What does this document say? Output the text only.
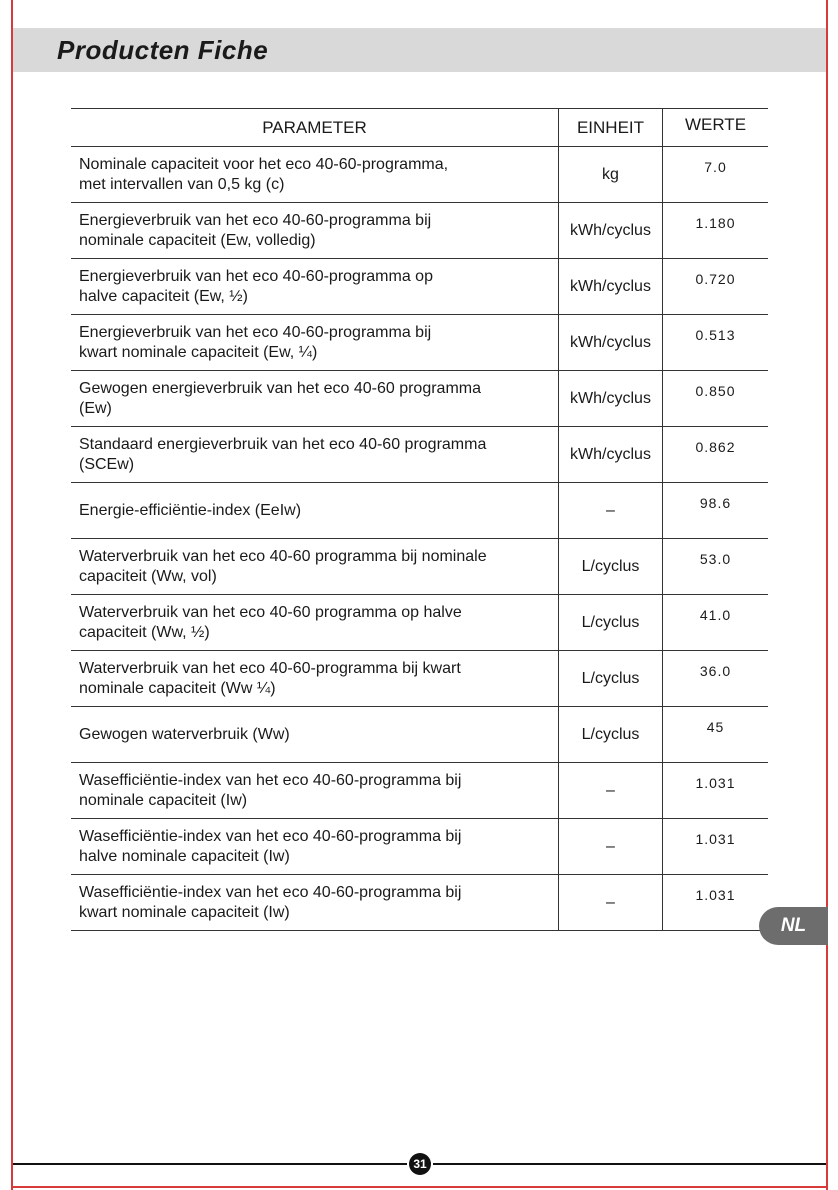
Producten Fiche
PARAMETER	EINHEIT	WERTE
Nominale capaciteit voor het eco 40-60-programma,
met intervallen van 0,5 kg (c)	kg	7.0
Energieverbruik van het eco 40-60-programma bij
nominale capaciteit (Ew, volledig)	kWh/cyclus	1.180
Energieverbruik van het eco 40-60-programma op
halve capaciteit (Ew, ½)	kWh/cyclus	0.720
Energieverbruik van het eco 40-60-programma bij
kwart nominale capaciteit (Ew, ¼)	kWh/cyclus	0.513
Gewogen energieverbruik van het eco 40-60 programma
(Ew)	kWh/cyclus	0.850
Standaard energieverbruik van het eco 40-60 programma
(SCEw)	kWh/cyclus	0.862
Energie-efficiëntie-index (EeIw)	–	98.6
Waterverbruik van het eco 40-60 programma bij nominale
capaciteit (Ww, vol)	L/cyclus	53.0
Waterverbruik van het eco 40-60 programma op halve
capaciteit (Ww, ½)	L/cyclus	41.0
Waterverbruik van het eco 40-60-programma bij kwart
nominale capaciteit (Ww ¼)	L/cyclus	36.0
Gewogen waterverbruik (Ww)	L/cyclus	45
Wasefficiëntie-index van het eco 40-60-programma bij
nominale capaciteit (Iw)	–	1.031
Wasefficiëntie-index van het eco 40-60-programma bij
halve nominale capaciteit (Iw)	–	1.031
Wasefficiëntie-index van het eco 40-60-programma bij
kwart nominale capaciteit (Iw)	–	1.031
NL
31
